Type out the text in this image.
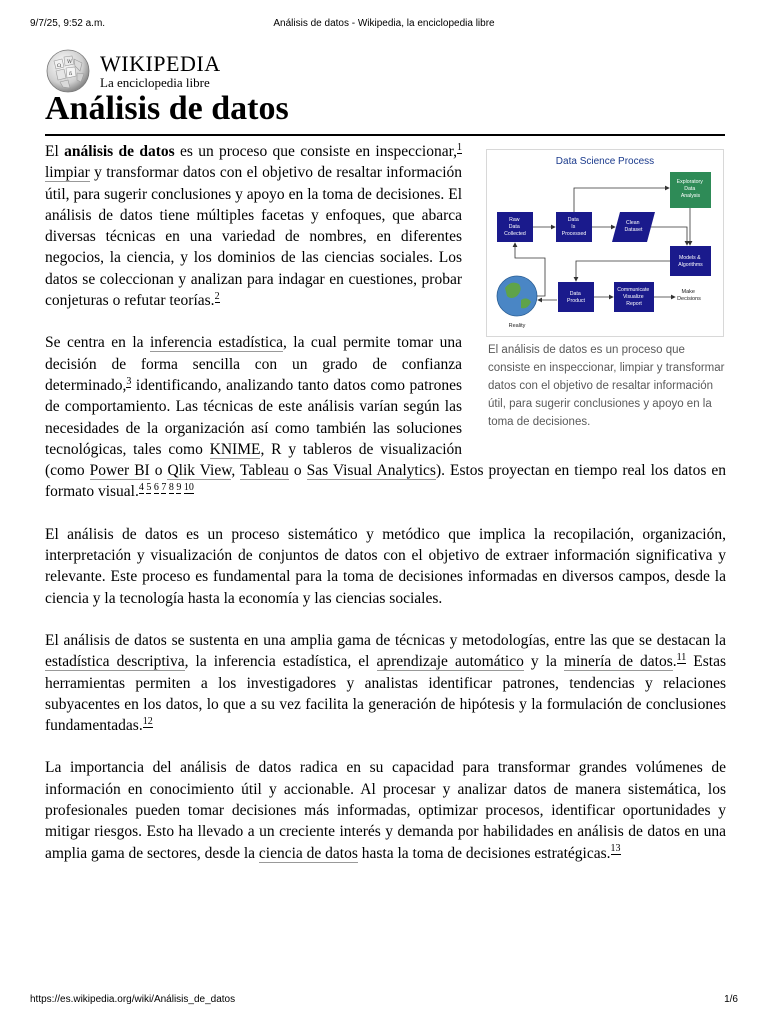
9/7/25, 9:52 a.m.	Análisis de datos - Wikipedia, la enciclopedia libre
Ω
W
ñ WIKIPEDIA
La enciclopedia libre
Análisis de datos
Data Science Process
Exploratory Data Analysis
Raw Data Collected
Data Is Processed
Clean Dataset
Models & Algorithms
Data Product
Communicate Visualize Report
Make Decisions
Reality
El análisis de datos es un proceso que consiste en inspeccionar, limpiar y transformar datos con el objetivo de resaltar información útil, para sugerir conclusiones y apoyo en la toma de decisiones.

El análisis de datos es un proceso que consiste en inspeccionar,$^1$ limpiar y transformar datos con el objetivo de resaltar información útil, para sugerir conclusiones y apoyo en la toma de decisiones. El análisis de datos tiene múltiples facetas y enfoques, que abarca diversas técnicas en una variedad de nombres, en diferentes negocios, la ciencia, y los dominios de las ciencias sociales. Los datos se coleccionan y analizan para indagar en cuestiones, probar conjeturas o refutar teorías.$^2$

Se centra en la inferencia estadística, la cual permite tomar una decisión de forma sencilla con un grado de confianza determinado,$^3$ identificando, analizando tanto datos como patrones de comportamiento. Las técnicas de este análisis varían según las necesidades de la organización así como también las soluciones tecnológicas, tales como KNIME, R y tableros de visualización (como Power BI o Qlik View, Tableau o Sas Visual Analytics). Estos proyectan en tiempo real los datos en formato visual.$^{4 5 6 7 8 9 10}$

El análisis de datos es un proceso sistemático y metódico que implica la recopilación, organización, interpretación y visualización de conjuntos de datos con el objetivo de extraer información significativa y relevante. Este proceso es fundamental para la toma de decisiones informadas en diversos campos, desde la ciencia y la tecnología hasta la economía y las ciencias sociales.

El análisis de datos se sustenta en una amplia gama de técnicas y metodologías, entre las que se destacan la estadística descriptiva, la inferencia estadística, el aprendizaje automático y la minería de datos.$^{11}$ Estas herramientas permiten a los investigadores y analistas identificar patrones, tendencias y relaciones subyacentes en los datos, lo que a su vez facilita la generación de hipótesis y la formulación de conclusiones fundamentadas.$^{12}$

La importancia del análisis de datos radica en su capacidad para transformar grandes volúmenes de información en conocimiento útil y accionable. Al procesar y analizar datos de manera sistemática, los profesionales pueden tomar decisiones más informadas, optimizar procesos, identificar oportunidades y mitigar riesgos. Esto ha llevado a un creciente interés y demanda por habilidades en análisis de datos en una amplia gama de sectores, desde la ciencia de datos hasta la toma de decisiones estratégicas.$^{13}$

https://es.wikipedia.org/wiki/Análisis_de_datos	1/6
